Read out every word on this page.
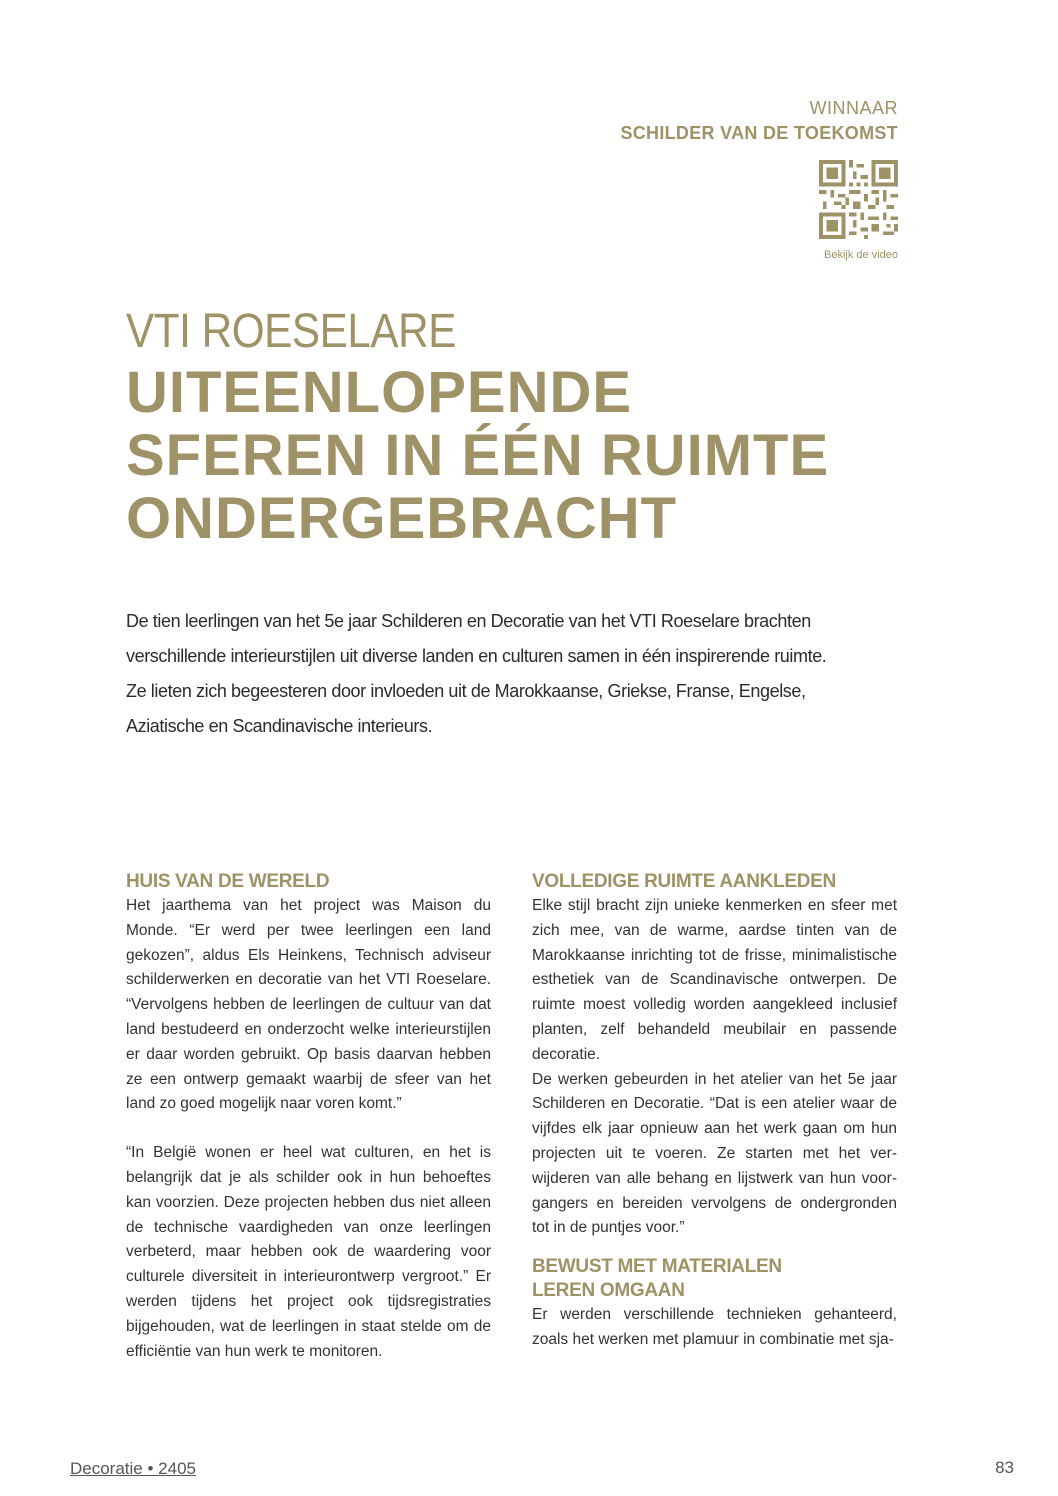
WINNAAR
SCHILDER VAN DE TOEKOMST
Bekijk de video
VTI ROESELARE
UITEENLOPENDE
SFEREN IN ÉÉN RUIMTE
ONDERGEBRACHT

De tien leerlingen van het 5e jaar Schilderen en Decoratie van het VTI Roeselare brachten

verschillende interieurstijlen uit diverse landen en culturen samen in één inspirerende ruimte.

Ze lieten zich begeesteren door invloeden uit de Marokkaanse, Griekse, Franse, Engelse,

Aziatische en Scandinavische interieurs.

HUIS VAN DE WERELD

Het jaarthema van het project was Maison du Monde. “Er werd per twee leerlingen een land gekozen”, aldus Els Heinkens, Technisch adviseur schilderwerken en decoratie van het VTI Roeselare. “Vervolgens hebben de leerlingen de cultuur van dat land bestudeerd en onderzocht welke interieurstijlen er daar worden gebruikt. Op basis daarvan hebben ze een ontwerp gemaakt waarbij de sfeer van het land zo goed mogelijk naar voren komt.”

“In België wonen er heel wat culturen, en het is belangrijk dat je als schilder ook in hun behoeftes kan voorzien. Deze projecten hebben dus niet alleen de technische vaardigheden van onze leerlingen verbeterd, maar hebben ook de waardering voor culturele diversiteit in interieurontwerp vergroot.” Er werden tijdens het project ook tijdsregistraties bijgehouden, wat de leerlingen in staat stelde om de efficiëntie van hun werk te monitoren.

VOLLEDIGE RUIMTE AANKLEDEN

Elke stijl bracht zijn unieke kenmerken en sfeer met zich mee, van de warme, aardse tinten van de Marokkaanse inrichting tot de frisse, minimalistische esthetiek van de Scandinavische ontwerpen. De ruimte moest volledig worden aangekleed inclusief planten, zelf behandeld meubilair en passende decoratie.

De werken gebeurden in het atelier van het 5e jaar Schilderen en Decoratie. “Dat is een atelier waar de vijfdes elk jaar opnieuw aan het werk gaan om hun projecten uit te voeren. Ze starten met het verwijderen van alle behang en lijstwerk van hun voorgangers en bereiden vervolgens de ondergronden tot in de puntjes voor.”

BEWUST MET MATERIALEN
LEREN OMGAAN

Er werden verschillende technieken gehanteerd, zoals het werken met plamuur in combinatie met sja-

Decoratie • 2405	83
